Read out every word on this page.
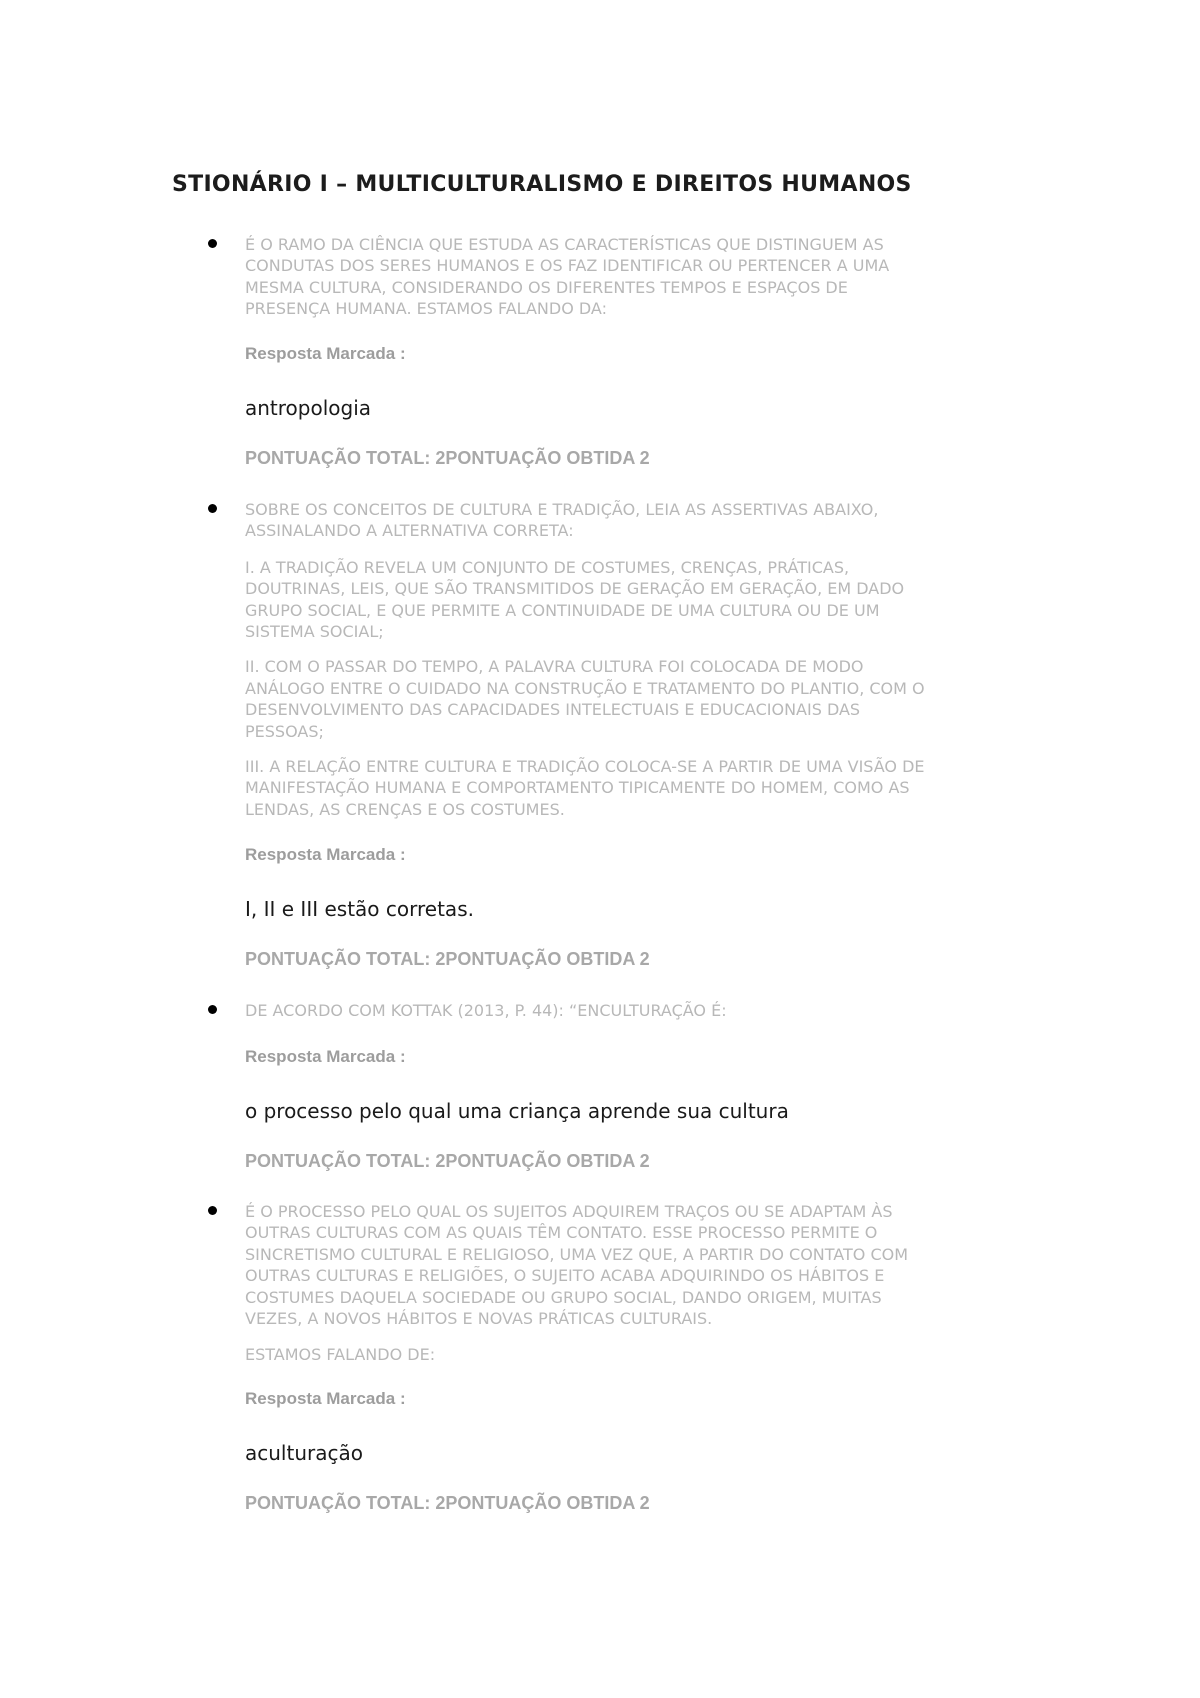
STIONÁRIO I – MULTICULTURALISMO E DIREITOS HUMANOS

É O RAMO DA CIÊNCIA QUE ESTUDA AS CARACTERÍSTICAS QUE DISTINGUEM AS
CONDUTAS DOS SERES HUMANOS E OS FAZ IDENTIFICAR OU PERTENCER A UMA
MESMA CULTURA, CONSIDERANDO OS DIFERENTES TEMPOS E ESPAÇOS DE
PRESENÇA HUMANA. ESTAMOS FALANDO DA:

Resposta Marcada :

antropologia

PONTUAÇÃO TOTAL: 2PONTUAÇÃO OBTIDA 2

SOBRE OS CONCEITOS DE CULTURA E TRADIÇÃO, LEIA AS ASSERTIVAS ABAIXO,
ASSINALANDO A ALTERNATIVA CORRETA:

I. A TRADIÇÃO REVELA UM CONJUNTO DE COSTUMES, CRENÇAS, PRÁTICAS,
DOUTRINAS, LEIS, QUE SÃO TRANSMITIDOS DE GERAÇÃO EM GERAÇÃO, EM DADO
GRUPO SOCIAL, E QUE PERMITE A CONTINUIDADE DE UMA CULTURA OU DE UM
SISTEMA SOCIAL;

II. COM O PASSAR DO TEMPO, A PALAVRA CULTURA FOI COLOCADA DE MODO
ANÁLOGO ENTRE O CUIDADO NA CONSTRUÇÃO E TRATAMENTO DO PLANTIO, COM O
DESENVOLVIMENTO DAS CAPACIDADES INTELECTUAIS E EDUCACIONAIS DAS
PESSOAS;

III. A RELAÇÃO ENTRE CULTURA E TRADIÇÃO COLOCA-SE A PARTIR DE UMA VISÃO DE
MANIFESTAÇÃO HUMANA E COMPORTAMENTO TIPICAMENTE DO HOMEM, COMO AS
LENDAS, AS CRENÇAS E OS COSTUMES.

Resposta Marcada :

I, II e III estão corretas.

PONTUAÇÃO TOTAL: 2PONTUAÇÃO OBTIDA 2

DE ACORDO COM KOTTAK (2013, P. 44): “ENCULTURAÇÃO É:

Resposta Marcada :

o processo pelo qual uma criança aprende sua cultura

PONTUAÇÃO TOTAL: 2PONTUAÇÃO OBTIDA 2

É O PROCESSO PELO QUAL OS SUJEITOS ADQUIREM TRAÇOS OU SE ADAPTAM ÀS
OUTRAS CULTURAS COM AS QUAIS TÊM CONTATO. ESSE PROCESSO PERMITE O
SINCRETISMO CULTURAL E RELIGIOSO, UMA VEZ QUE, A PARTIR DO CONTATO COM
OUTRAS CULTURAS E RELIGIÕES, O SUJEITO ACABA ADQUIRINDO OS HÁBITOS E
COSTUMES DAQUELA SOCIEDADE OU GRUPO SOCIAL, DANDO ORIGEM, MUITAS
VEZES, A NOVOS HÁBITOS E NOVAS PRÁTICAS CULTURAIS.

ESTAMOS FALANDO DE:

Resposta Marcada :

aculturação

PONTUAÇÃO TOTAL: 2PONTUAÇÃO OBTIDA 2
